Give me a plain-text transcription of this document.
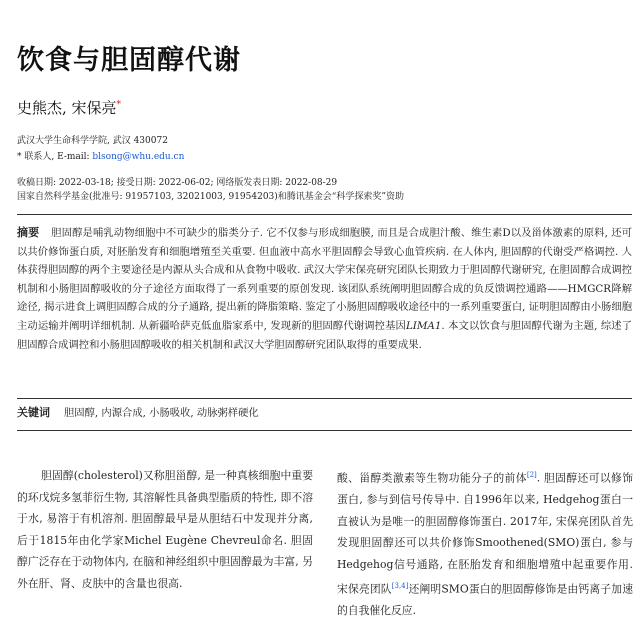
饮食与胆固醇代谢
史熊杰, 宋保亮*
武汉大学生命科学学院, 武汉 430072
* 联系人, E-mail: blsong@whu.edu.cn
收稿日期: 2022-03-18; 接受日期: 2022-06-02; 网络版发表日期: 2022-08-29
国家自然科学基金(批准号: 91957103, 32021003, 91954203)和腾讯基金会“科学探索奖”资助
摘要 胆固醇是哺乳动物细胞中不可缺少的脂类分子. 它不仅参与形成细胞膜, 而且是合成胆汁酸、维生素D以及甾体激素的原料, 还可以共价修饰蛋白质, 对胚胎发育和细胞增殖至关重要. 但血液中高水平胆固醇会导致心血管疾病. 在人体内, 胆固醇的代谢受严格调控. 人体获得胆固醇的两个主要途径是内源从头合成和从食物中吸收. 武汉大学宋保亮研究团队长期致力于胆固醇代谢研究, 在胆固醇合成调控机制和小肠胆固醇吸收的分子途径方面取得了一系列重要的原创发现. 该团队系统阐明胆固醇合成的负反馈调控通路——HMGCR降解途径, 揭示进食上调胆固醇合成的分子通路, 提出新的降脂策略. 鉴定了小肠胆固醇吸收途径中的一系列重要蛋白, 证明胆固醇由小肠细胞主动运输并阐明详细机制. 从新疆哈萨克低血脂家系中, 发现新的胆固醇代谢调控基因LIMA1. 本文以饮食与胆固醇代谢为主题, 综述了胆固醇合成调控和小肠胆固醇吸收的相关机制和武汉大学胆固醇研究团队取得的重要成果.
关键词 胆固醇, 内源合成, 小肠吸收, 动脉粥样硬化

胆固醇(cholesterol)又称胆甾醇, 是一种真核细胞中重要的环戊烷多氢菲衍生物, 其溶解性具备典型脂质的特性, 即不溶于水, 易溶于有机溶剂. 胆固醇最早是从胆结石中发现并分离, 后于1815年由化学家Michel Eugène Chevreul命名. 胆固醇广泛存在于动物体内, 在脑和神经组织中胆固醇最为丰富, 另外在肝、肾、皮肤中的含量也很高.

酸、甾醇类激素等生物功能分子的前体[2]. 胆固醇还可以修饰蛋白, 参与到信号传导中. 自1996年以来, Hedgehog蛋白一直被认为是唯一的胆固醇修饰蛋白. 2017年, 宋保亮团队首先发现胆固醇还可以共价修饰Smoothened(SMO)蛋白, 参与Hedgehog信号通路, 在胚胎发育和细胞增殖中起重要作用. 宋保亮团队[3,4]还阐明SMO蛋白的胆固醇修饰是由钙离子加速的自我催化反应.
